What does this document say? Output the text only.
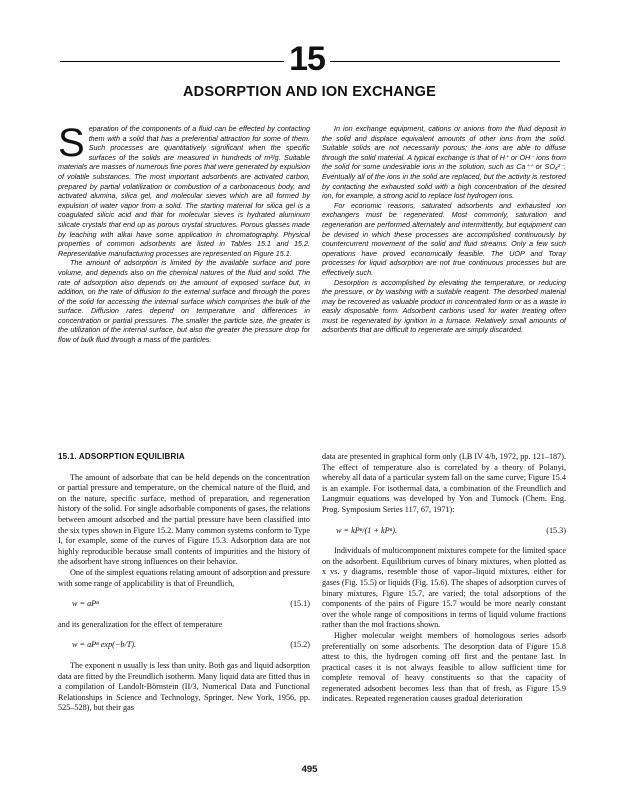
15
ADSORPTION AND ION EXCHANGE

Separation of the components of a fluid can be effected by contacting them with a solid that has a preferential attraction for some of them. Such processes are quantitatively significant when the specific surfaces of the solids are measured in hundreds of m²/g. Suitable materials are masses of numerous fine pores that were generated by expulsion of volatile substances. The most important adsorbents are activated carbon, prepared by partial volatilization or combustion of a carbonaceous body, and activated alumina, silica gel, and molecular sieves which are all formed by expulsion of water vapor from a solid. The starting material for silica gel is a coagulated silicic acid and that for molecular sieves is hydrated aluminum silicate crystals that end up as porous crystal structures. Porous glasses made by leaching with alkai have some application in chromatography. Physical properties of common adsorbents are listed in Tables 15.1 and 15.2. Representative manufacturing processes are represented on Figure 15.1.

The amount of adsorption is limited by the available surface and pore volume, and depends also on the chemical natures of the fluid and solid. The rate of adsorption also depends on the amount of exposed surface but, in addition, on the rate of diffusion to the external surface and through the pores of the solid for accessing the internal surface which comprises the bulk of the surface. Diffusion rates depend on temperature and differences in concentration or partial pressures. The smaller the particle size, the greater is the utilization of the internal surface, but also the greater the pressure drop for flow of bulk fluid through a mass of the particles.

In ion exchange equipment, cations or anions from the fluid deposit in the solid and displace equivalent amounts of other ions from the solid. Suitable solids are not necessarily porous; the ions are able to diffuse through the solid material. A typical exchange is that of H⁺ or OH⁻ ions from the solid for some undesirable ions in the solution, such as Ca⁺⁺ or SO₄²⁻. Eventually all of the ions in the solid are replaced, but the activity is restored by contacting the exhausted solid with a high concentration of the desired ion, for example, a strong acid to replace lost hydrogen ions.

For economic reasons, saturated adsorbents and exhausted ion exchangers must be regenerated. Most commonly, saturation and regeneration are performed alternately and intermittently, but equipment can be devised in which these processes are accomplished continuously by countercurrent movement of the solid and fluid streams. Only a few such operations have proved economically feasible. The UOP and Toray processes for liquid adsorption are not true continuous processes but are effectively such.

Desorption is accomplished by elevating the temperature, or reducing the pressure, or by washing with a suitable reagent. The desorbed material may be recovered as valuable product in concentrated form or as a waste in easily disposable form. Adsorbent carbons used for water treating often must be regenerated by ignition in a furnace. Relatively small amounts of adsorbents that are difficult to regenerate are simply discarded.

15.1. ADSORPTION EQUILIBRIA

The amount of adsorbate that can be held depends on the concentration or partial pressure and temperature, on the chemical nature of the fluid, and on the nature, specific surface, method of preparation, and regeneration history of the solid. For single adsorbable components of gases, the relations between amount adsorbed and the partial pressure have been classified into the six types shown in Figure 15.2. Many common systems conform to Type I, for example, some of the curves of Figure 15.3. Adsorption data are not highly reproducible because small contents of impurities and the history of the adsorbent have strong influences on their behavior.

One of the simplest equations relating amount of adsorption and pressure with some range of applicability is that of Freundlich,

w = aPⁿ	(15.1)

and its generalization for the effect of temperature

w = aPⁿ exp(−b/T).	(15.2)

The exponent n usually is less than unity. Both gas and liquid adsorption data are fitted by the Freundlich isotherm. Many liquid data are fitted thus in a compilation of Landolt-Börnstein (II/3, Numerical Data and Functional Relationships in Science and Technology, Springer, New York, 1956, pp. 525–528), but their gas

data are presented in graphical form only (LB IV 4/b, 1972, pp. 121–187). The effect of temperature also is correlated by a theory of Polanyi, whereby all data of a particular system fall on the same curve; Figure 15.4 is an example. For isothermal data, a combination of the Freundlich and Langmuir equations was developed by Yon and Turnock (Chem. Eng. Prog. Symposium Series 117, 67, 1971):

w = kPⁿ/(1 + kPⁿ).	(15.3)

Individuals of multicomponent mixtures compete for the limited space on the adsorbent. Equilibrium curves of binary mixtures, when plotted as x vs. y diagrams, resemble those of vapor–liquid mixtures, either for gases (Fig. 15.5) or liquids (Fig. 15.6). The shapes of adsorption curves of binary mixtures, Figure 15.7, are varied; the total adsorptions of the components of the pairs of Figure 15.7 would be more nearly constant over the whole range of compositions in terms of liquid volume fractions rather than the mol fractions shown.

Higher molecular weight members of homologous series adsorb preferentially on some adsorbents. The desorption data of Figure 15.8 attest to this, the hydrogen coming off first and the pentane last. In practical cases it is not always feasible to allow sufficient time for complete removal of heavy constituents so that the capacity of regenerated adsorbent becomes less than that of fresh, as Figure 15.9 indicates. Repeated regeneration causes gradual deterioration

495
